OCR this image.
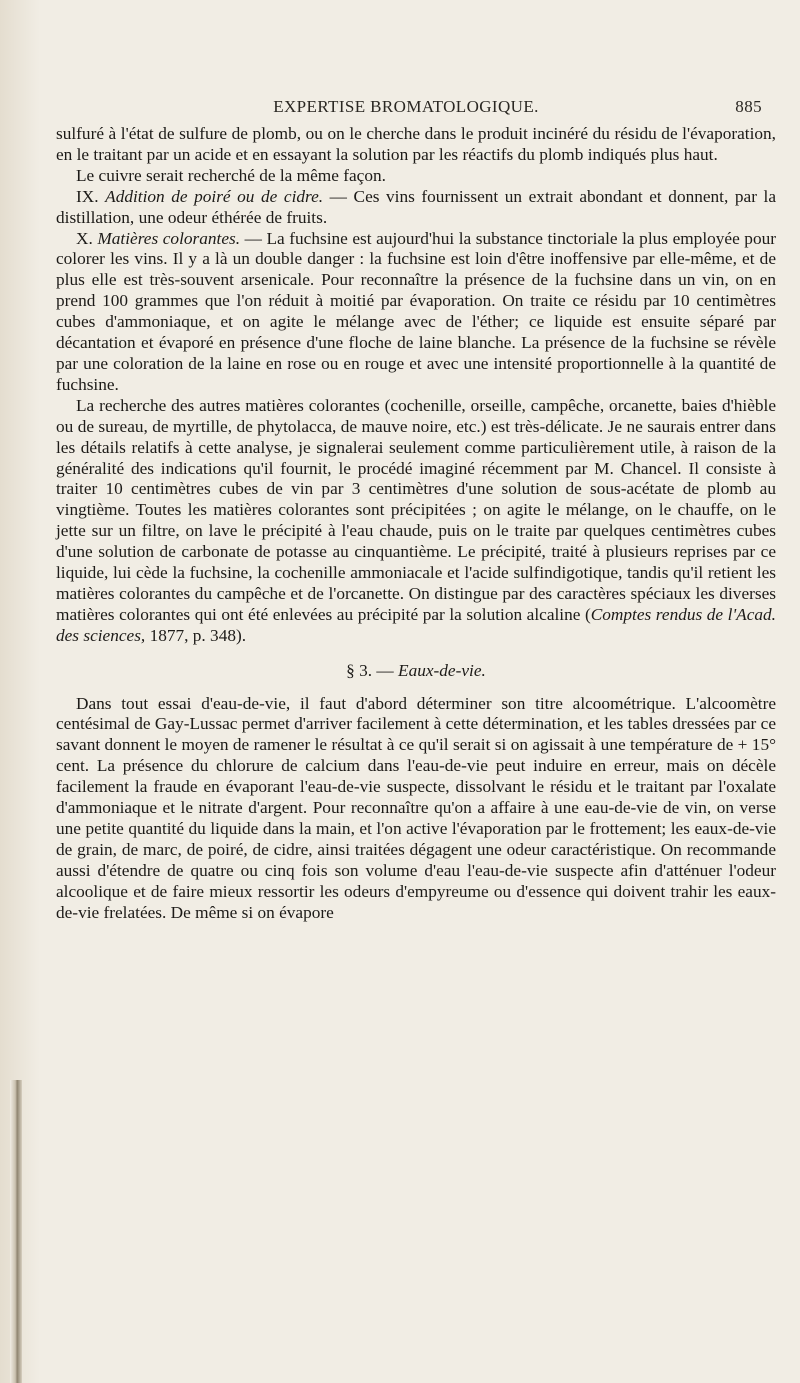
EXPERTISE BROMATOLOGIQUE.	885

sulfuré à l'état de sulfure de plomb, ou on le cherche dans le produit incinéré du résidu de l'évaporation, en le traitant par un acide et en essayant la solution par les réactifs du plomb indiqués plus haut.

Le cuivre serait recherché de la même façon.

IX. Addition de poiré ou de cidre. — Ces vins fournissent un extrait abondant et donnent, par la distillation, une odeur éthérée de fruits.

X. Matières colorantes. — La fuchsine est aujourd'hui la substance tinctoriale la plus employée pour colorer les vins. Il y a là un double danger : la fuchsine est loin d'être inoffensive par elle-même, et de plus elle est très-souvent arsenicale. Pour reconnaître la présence de la fuchsine dans un vin, on en prend 100 grammes que l'on réduit à moitié par évaporation. On traite ce résidu par 10 centimètres cubes d'ammoniaque, et on agite le mélange avec de l'éther; ce liquide est ensuite séparé par décantation et évaporé en présence d'une floche de laine blanche. La présence de la fuchsine se révèle par une coloration de la laine en rose ou en rouge et avec une intensité proportionnelle à la quantité de fuchsine.

La recherche des autres matières colorantes (cochenille, orseille, campêche, orcanette, baies d'hièble ou de sureau, de myrtille, de phytolacca, de mauve noire, etc.) est très-délicate. Je ne saurais entrer dans les détails relatifs à cette analyse, je signalerai seulement comme particulièrement utile, à raison de la généralité des indications qu'il fournit, le procédé imaginé récemment par M. Chancel. Il consiste à traiter 10 centimètres cubes de vin par 3 centimètres d'une solution de sous-acétate de plomb au vingtième. Toutes les matières colorantes sont précipitées ; on agite le mélange, on le chauffe, on le jette sur un filtre, on lave le précipité à l'eau chaude, puis on le traite par quelques centimètres cubes d'une solution de carbonate de potasse au cinquantième. Le précipité, traité à plusieurs reprises par ce liquide, lui cède la fuchsine, la cochenille ammoniacale et l'acide sulfindigotique, tandis qu'il retient les matières colorantes du campêche et de l'orcanette. On distingue par des caractères spéciaux les diverses matières colorantes qui ont été enlevées au précipité par la solution alcaline (Comptes rendus de l'Acad. des sciences, 1877, p. 348).

§ 3. — Eaux-de-vie.

Dans tout essai d'eau-de-vie, il faut d'abord déterminer son titre alcoométrique. L'alcoomètre centésimal de Gay-Lussac permet d'arriver facilement à cette détermination, et les tables dressées par ce savant donnent le moyen de ramener le résultat à ce qu'il serait si on agissait à une température de + 15° cent. La présence du chlorure de calcium dans l'eau-de-vie peut induire en erreur, mais on décèle facilement la fraude en évaporant l'eau-de-vie suspecte, dissolvant le résidu et le traitant par l'oxalate d'ammoniaque et le nitrate d'argent. Pour reconnaître qu'on a affaire à une eau-de-vie de vin, on verse une petite quantité du liquide dans la main, et l'on active l'évaporation par le frottement; les eaux-de-vie de grain, de marc, de poiré, de cidre, ainsi traitées dégagent une odeur caractéristique. On recommande aussi d'étendre de quatre ou cinq fois son volume d'eau l'eau-de-vie suspecte afin d'atténuer l'odeur alcoolique et de faire mieux ressortir les odeurs d'empyreume ou d'essence qui doivent trahir les eaux-de-vie frelatées. De même si on évapore
